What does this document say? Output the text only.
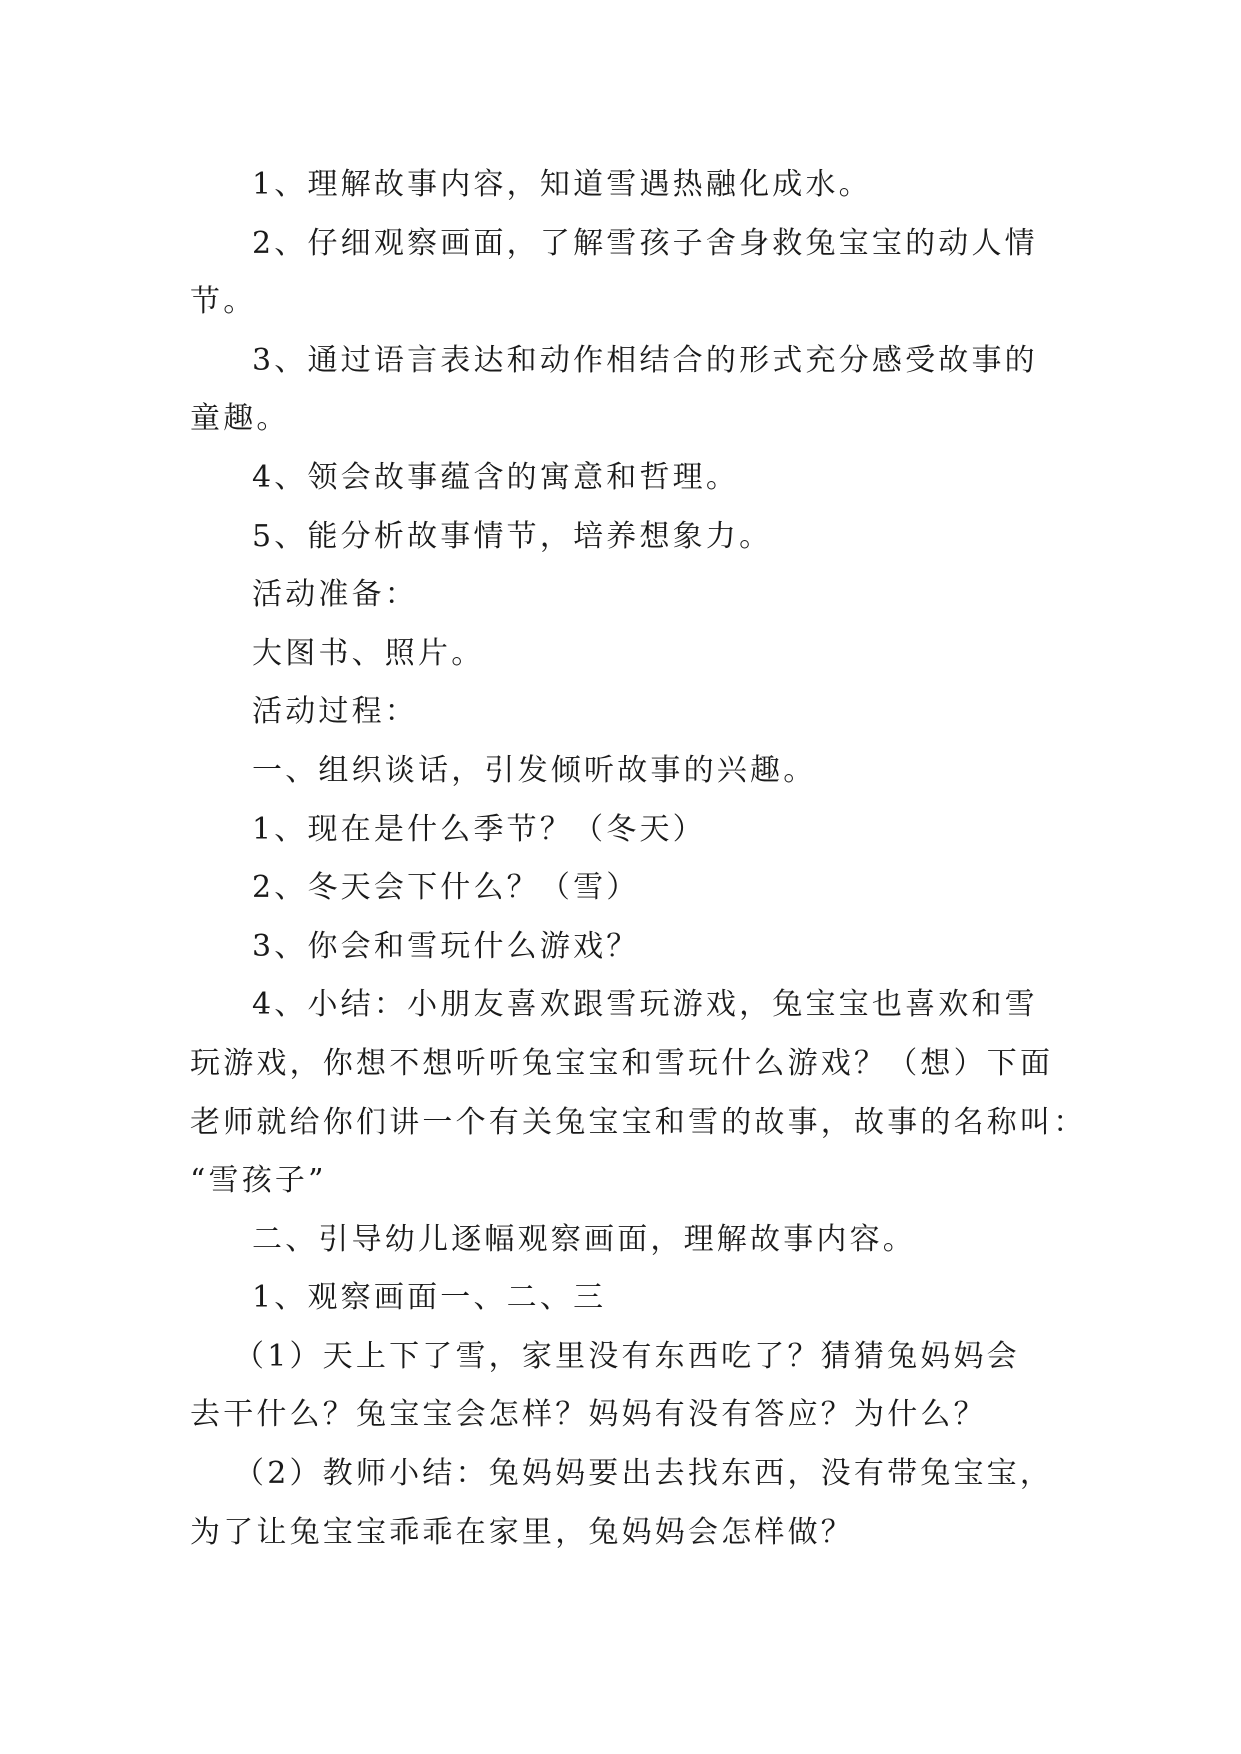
1、理解故事内容，知道雪遇热融化成水。

2、仔细观察画面，了解雪孩子舍身救兔宝宝的动人情

节。

3、通过语言表达和动作相结合的形式充分感受故事的

童趣。

4、领会故事蕴含的寓意和哲理。

5、能分析故事情节，培养想象力。

活动准备：

大图书、照片。

活动过程：

一、组织谈话，引发倾听故事的兴趣。

1、现在是什么季节？（冬天）

2、冬天会下什么？（雪）

3、你会和雪玩什么游戏？

4、小结：小朋友喜欢跟雪玩游戏，兔宝宝也喜欢和雪

玩游戏，你想不想听听兔宝宝和雪玩什么游戏？（想）下面

老师就给你们讲一个有关兔宝宝和雪的故事，故事的名称叫：

“雪孩子”

二、引导幼儿逐幅观察画面，理解故事内容。

1、观察画面一、二、三

（1）天上下了雪，家里没有东西吃了？猜猜兔妈妈会

去干什么？兔宝宝会怎样？妈妈有没有答应？为什么？

（2）教师小结：兔妈妈要出去找东西，没有带兔宝宝，

为了让兔宝宝乖乖在家里，兔妈妈会怎样做？
